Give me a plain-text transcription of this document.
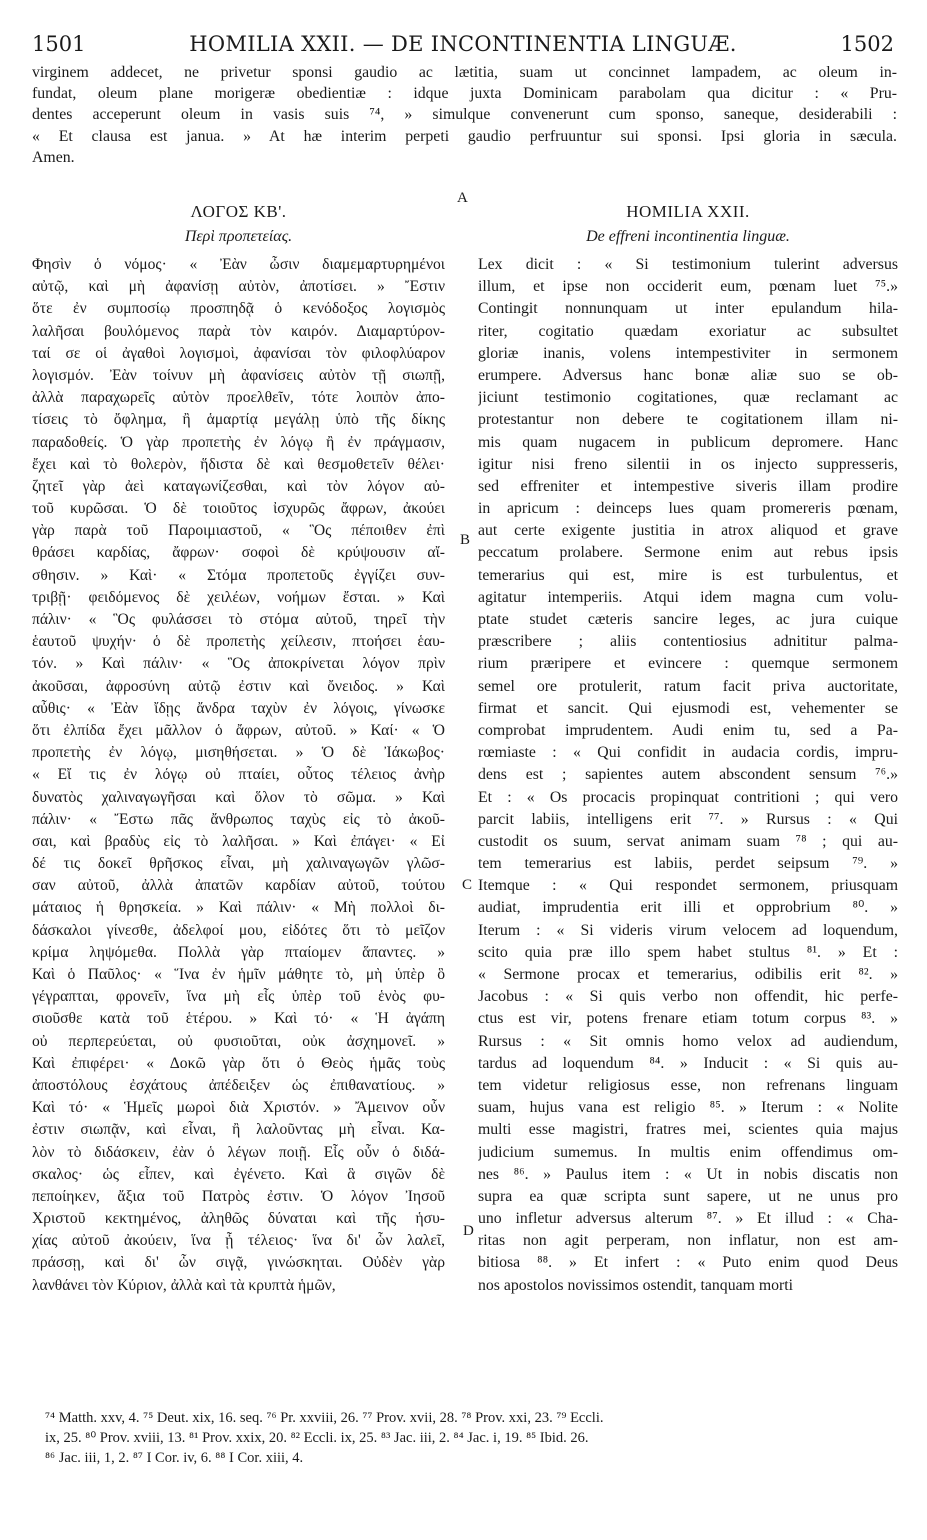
1501	HOMILIA XXII. — DE INCONTINENTIA LINGUÆ.	1502
virginem addecet, ne privetur sponsi gaudio ac lætitia, suam ut concinnet lampadem, ac oleum in-
fundat, oleum plane morigeræ obedientiæ : idque juxta Dominicam parabolam qua dicitur : « Pru-
dentes acceperunt oleum in vasis suis ⁷⁴, » simulque convenerunt cum sponso, saneque, desiderabili :
« Et clausa est janua. » At hæ interim perpeti gaudio perfruuntur sui sponsi. Ipsi gloria in sæcula.
Amen.
A
B
C
D
ΛΟΓΟΣ ΚΒ'.
Περὶ προπετείας.
Φησὶν ὁ νόμος· « Ἐὰν ὦσιν διαμεμαρτυρημένοι
αὐτῷ, καὶ μὴ ἀφανίσῃ αὐτὸν, ἀποτίσει. » Ἔστιν
ὅτε ἐν συμποσίῳ προσπηδᾷ ὁ κενόδοξος λογισμὸς
λαλῆσαι βουλόμενος παρὰ τὸν καιρόν. Διαμαρτύρον-
ταί σε οἱ ἀγαθοὶ λογισμοὶ, ἀφανίσαι τὸν φιλοφλύαρον
λογισμόν. Ἐὰν τοίνυν μὴ ἀφανίσεις αὐτὸν τῇ σιωπῇ,
ἀλλὰ παραχωρεῖς αὐτὸν προελθεῖν, τότε λοιπὸν ἀπο-
τίσεις τὸ ὄφλημα, ἢ ἁμαρτίᾳ μεγάλῃ ὑπὸ τῆς δίκης
παραδοθείς. Ὁ γὰρ προπετὴς ἐν λόγῳ ἢ ἐν πράγμασιν,
ἔχει καὶ τὸ θολερὸν, ἥδιστα δὲ καὶ θεσμοθετεῖν θέλει·
ζητεῖ γὰρ ἀεὶ καταγωνίζεσθαι, καὶ τὸν λόγον αὐ-
τοῦ κυρῶσαι. Ὁ δὲ τοιοῦτος ἰσχυρῶς ἄφρων, ἀκούει
γὰρ παρὰ τοῦ Παροιμιαστοῦ, « Ὃς πέποιθεν ἐπὶ
θράσει καρδίας, ἄφρων· σοφοὶ δὲ κρύψουσιν αἴ-
σθησιν. » Καὶ· « Στόμα προπετοῦς ἐγγίζει συν-
τριβῇ· φειδόμενος δὲ χειλέων, νοήμων ἔσται. » Καὶ
πάλιν· « Ὃς φυλάσσει τὸ στόμα αὐτοῦ, τηρεῖ τὴν
ἑαυτοῦ ψυχήν· ὁ δὲ προπετὴς χείλεσιν, πτοήσει ἑαυ-
τόν. » Καὶ πάλιν· « Ὃς ἀποκρίνεται λόγον πρὶν
ἀκοῦσαι, ἀφροσύνη αὐτῷ ἐστιν καὶ ὄνειδος. » Καὶ
αὖθις· « Ἐὰν ἴδῃς ἄνδρα ταχὺν ἐν λόγοις, γίνωσκε
ὅτι ἐλπίδα ἔχει μᾶλλον ὁ ἄφρων, αὐτοῦ. » Καί· « Ὁ
προπετὴς ἐν λόγῳ, μισηθήσεται. » Ὁ δὲ Ἰάκωβος·
« Εἴ τις ἐν λόγῳ οὐ πταίει, οὗτος τέλειος ἀνὴρ
δυνατὸς χαλιναγωγῆσαι καὶ ὅλον τὸ σῶμα. » Καὶ
πάλιν· « Ἔστω πᾶς ἄνθρωπος ταχὺς εἰς τὸ ἀκοῦ-
σαι, καὶ βραδὺς εἰς τὸ λαλῆσαι. » Καὶ ἐπάγει· « Εἰ
δέ τις δοκεῖ θρῆσκος εἶναι, μὴ χαλιναγωγῶν γλῶσ-
σαν αὐτοῦ, ἀλλὰ ἀπατῶν καρδίαν αὐτοῦ, τούτου
μάταιος ἡ θρησκεία. » Καὶ πάλιν· « Μὴ πολλοὶ δι-
δάσκαλοι γίνεσθε, ἀδελφοί μου, εἰδότες ὅτι τὸ μεῖζον
κρίμα ληψόμεθα. Πολλὰ γὰρ πταίομεν ἅπαντες. »
Καὶ ὁ Παῦλος· « Ἵνα ἐν ἡμῖν μάθητε τὸ, μὴ ὑπὲρ ὃ
γέγραπται, φρονεῖν, ἵνα μὴ εἷς ὑπὲρ τοῦ ἑνὸς φυ-
σιοῦσθε κατὰ τοῦ ἑτέρου. » Καὶ τό· « Ἡ ἀγάπη
οὐ περπερεύεται, οὐ φυσιοῦται, οὐκ ἀσχημονεῖ. »
Καὶ ἐπιφέρει· « Δοκῶ γὰρ ὅτι ὁ Θεὸς ἡμᾶς τοὺς
ἀποστόλους ἐσχάτους ἀπέδειξεν ὡς ἐπιθανατίους. »
Καὶ τό· « Ἡμεῖς μωροὶ διὰ Χριστόν. » Ἄμεινον οὖν
ἐστιν σιωπᾷν, καὶ εἶναι, ἢ λαλοῦντας μὴ εἶναι. Κα-
λὸν τὸ διδάσκειν, ἐὰν ὁ λέγων ποιῇ. Εἷς οὖν ὁ διδά-
σκαλος· ὡς εἶπεν, καὶ ἐγένετο. Καὶ ἃ σιγῶν δὲ
πεποίηκεν, ἄξια τοῦ Πατρὸς ἐστιν. Ὁ λόγον Ἰησοῦ
Χριστοῦ κεκτημένος, ἀληθῶς δύναται καὶ τῆς ἡσυ-
χίας αὐτοῦ ἀκούειν, ἵνα ᾖ τέλειος· ἵνα δι' ὧν λαλεῖ,
πράσσῃ, καὶ δι' ὧν σιγᾷ, γινώσκηται. Οὐδὲν γὰρ
λανθάνει τὸν Κύριον, ἀλλὰ καὶ τὰ κρυπτὰ ἡμῶν,
HOMILIA XXII.
De effreni incontinentia linguæ.
Lex dicit : « Si testimonium tulerint adversus
illum, et ipse non occiderit eum, pœnam luet ⁷⁵.»
Contingit nonnunquam ut inter epulandum hila-
riter, cogitatio quædam exoriatur ac subsultet
gloriæ inanis, volens intempestiviter in sermonem
erumpere. Adversus hanc bonæ aliæ suo se ob-
jiciunt testimonio cogitationes, quæ reclamant ac
protestantur non debere te cogitationem illam ni-
mis quam nugacem in publicum depromere. Hanc
igitur nisi freno silentii in os injecto suppresseris,
sed effreniter et intempestive siveris illam prodire
in apricum : deinceps lues quam promereris pœnam,
aut certe exigente justitia in atrox aliquod et grave
peccatum prolabere. Sermone enim aut rebus ipsis
temerarius qui est, mire is est turbulentus, et
agitatur intemperiis. Atqui idem magna cum volu-
ptate studet cæteris sancire leges, ac jura cuique
præscribere ; aliis contentiosius adnititur palma-
rium præripere et evincere : quemque sermonem
semel ore protulerit, ratum facit priva auctoritate,
firmat et sancit. Qui ejusmodi est, vehementer se
comprobat imprudentem. Audi enim tu, sed a Pa-
rœmiaste : « Qui confidit in audacia cordis, impru-
dens est ; sapientes autem abscondent sensum ⁷⁶.»
Et : « Os procacis propinquat contritioni ; qui vero
parcit labiis, intelligens erit ⁷⁷. » Rursus : « Qui
custodit os suum, servat animam suam ⁷⁸ ; qui au-
tem temerarius est labiis, perdet seipsum ⁷⁹. »
Itemque : « Qui respondet sermonem, priusquam
audiat, imprudentia erit illi et opprobrium ⁸⁰. »
Iterum : « Si videris virum velocem ad loquendum,
scito quia præ illo spem habet stultus ⁸¹. » Et :
« Sermone procax et temerarius, odibilis erit ⁸². »
Jacobus : « Si quis verbo non offendit, hic perfe-
ctus est vir, potens frenare etiam totum corpus ⁸³. »
Rursus : « Sit omnis homo velox ad audiendum,
tardus ad loquendum ⁸⁴. » Inducit : « Si quis au-
tem videtur religiosus esse, non refrenans linguam
suam, hujus vana est religio ⁸⁵. » Iterum : « Nolite
multi esse magistri, fratres mei, scientes quia majus
judicium sumemus. In multis enim offendimus om-
nes ⁸⁶. » Paulus item : « Ut in nobis discatis non
supra ea quæ scripta sunt sapere, ut ne unus pro
uno infletur adversus alterum ⁸⁷. » Et illud : « Cha-
ritas non agit perperam, non inflatur, non est am-
bitiosa ⁸⁸. » Et infert : « Puto enim quod Deus
nos apostolos novissimos ostendit, tanquam morti
⁷⁴ Matth. xxv, 4. ⁷⁵ Deut. xix, 16. seq. ⁷⁶ Pr. xxviii, 26. ⁷⁷ Prov. xvii, 28. ⁷⁸ Prov. xxi, 23. ⁷⁹ Eccli.
ix, 25. ⁸⁰ Prov. xviii, 13. ⁸¹ Prov. xxix, 20. ⁸² Eccli. ix, 25. ⁸³ Jac. iii, 2. ⁸⁴ Jac. i, 19. ⁸⁵ Ibid. 26.
⁸⁶ Jac. iii, 1, 2. ⁸⁷ I Cor. iv, 6. ⁸⁸ I Cor. xiii, 4.
